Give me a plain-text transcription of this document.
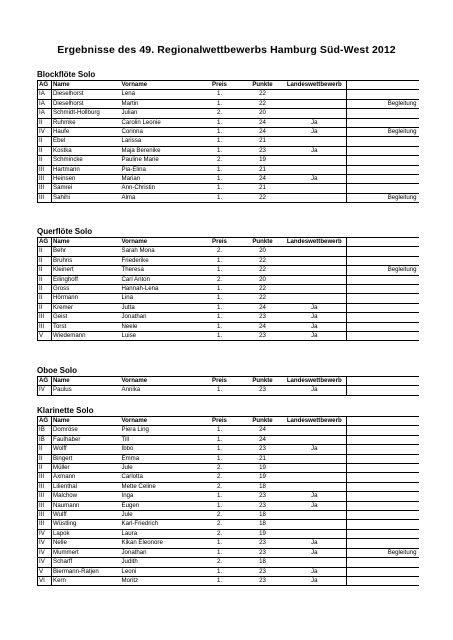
Ergebnisse des 49. Regionalwettbewerbs Hamburg Süd-West 2012
Blockflöte Solo
AG	Name	Vorname	Preis	Punkte	Landeswettbewerb	
IA	Dieselhorst	Lena	1.	22		
IA	Dieselhorst	Martin	1.	22		Begleitung
IA	Schmidt-Hollburg	Julian	2.	20		
II	Ruhmke	Carolin Leonie	1.	24	Ja	
IV	Haufe	Corinna	1.	24	Ja	Begleitung
II	Ebel	Larissa	1.	21		
II	Kostka	Maja Berenike	1.	23	Ja	
II	Schmincke	Pauline Marie	2.	19		
III	Hartmann	Pia-Elina	1.	21		
III	Heinsen	Marian	1.	24	Ja	
III	Samrei	Ann-Christin	1.	21		
III	Sahihi	Alma	1.	22		Begleitung
Querflöte Solo
AG	Name	Vorname	Preis	Punkte	Landeswettbewerb	
II	Behr	Sarah Mona	2.	20		
II	Bruhns	Friederike	1.	22		
II	Kleinert	Theresa	1.	22		Begleitung
II	Eilinghoff	Carl Anton	2.	20		
II	Gross	Hannah-Lena	1.	22		
II	Hörmann	Lina	1.	22		
II	Kremer	Jutta	1.	24	Ja	
III	Geist	Jonathan	1.	23	Ja	
III	Torst	Neele	1.	24	Ja	
V	Wiedemann	Luise	1.	23	Ja	
Oboe Solo
AG	Name	Vorname	Preis	Punkte	Landeswettbewerb	
IV	Paulus	Annika	1.	23	Ja	
Klarinette Solo
AG	Name	Vorname	Preis	Punkte	Landeswettbewerb	
IB	Domröse	Piera Ling	1.	24		
IB	Faulhaber	Till	1.	24		
II	Wolff	Ibbo	1.	23	Ja	
II	Bingert	Emma	1.	21		
II	Müller	Jule	2.	19		
III	Axmann	Carlotta	2.	19		
III	Lilienthal	Mette Celine	2.	18		
III	Malchow	Inga	1.	23	Ja	
III	Naumann	Eugen	1.	23	Ja	
III	Wulff	Jule	2.	18		
III	Wüstling	Karl-Friedrich	2.	18		
IV	Lapok	Laura	2.	19		
IV	Nelle	Kikan Eleonore	1.	23	Ja	
IV	Mummert	Jonathan	1.	23	Ja	Begleitung
IV	Scharff	Judith	2.	18		
V	Biermann-Ratjen	Leoni	1.	23	Ja	
VI	Kern	Moritz	1.	23	Ja	
